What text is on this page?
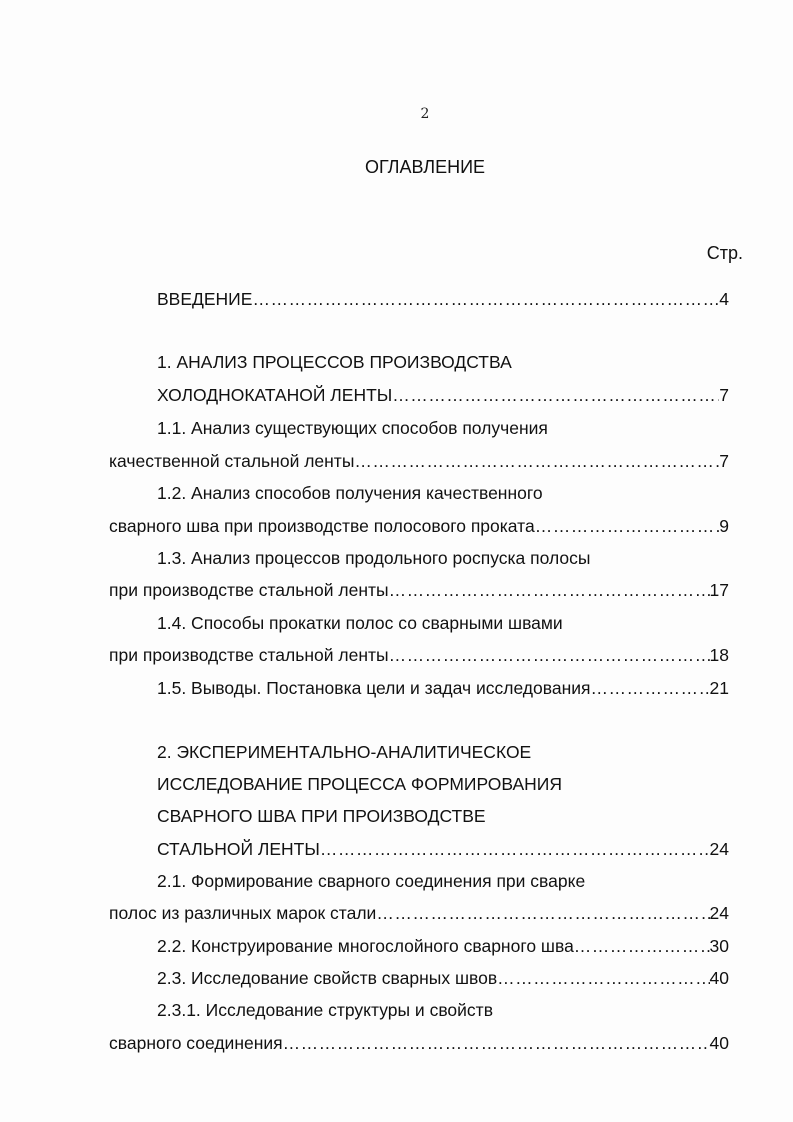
2
ОГЛАВЛЕНИЕ
Стр.
ВВЕДЕНИЕ ………………………………………………………………………………………………………………………………………………………	4
1. АНАЛИЗ ПРОЦЕССОВ ПРОИЗВОДСТВА
ХОЛОДНОКАТАНОЙ ЛЕНТЫ ………………………………………………………………………………………………………………………………………………………	7
1.1. Анализ существующих способов получения
качественной стальной ленты ………………………………………………………………………………………………………………………………………………………	7
1.2. Анализ способов получения качественного
сварного шва при производстве полосового проката ………………………………………………………………………………………………………………………………………………………	9
1.3. Анализ процессов продольного роспуска полосы
при производстве стальной ленты ………………………………………………………………………………………………………………………………………………………	17
1.4. Способы прокатки полос со сварными швами
при производстве стальной ленты ………………………………………………………………………………………………………………………………………………………	18
1.5. Выводы. Постановка цели и задач исследования ………………………………………………………………………………………………………………………………………………………	21
2. ЭКСПЕРИМЕНТАЛЬНО-АНАЛИТИЧЕСКОЕ
ИССЛЕДОВАНИЕ ПРОЦЕССА ФОРМИРОВАНИЯ
СВАРНОГО ШВА ПРИ ПРОИЗВОДСТВЕ
СТАЛЬНОЙ ЛЕНТЫ ………………………………………………………………………………………………………………………………………………………	24
2.1. Формирование сварного соединения при сварке
полос из различных марок стали ………………………………………………………………………………………………………………………………………………………	24
2.2. Конструирование многослойного сварного шва ………………………………………………………………………………………………………………………………………………………	30
2.3. Исследование свойств сварных швов ………………………………………………………………………………………………………………………………………………………	40
2.3.1. Исследование структуры и свойств
сварного соединения ………………………………………………………………………………………………………………………………………………………	40
